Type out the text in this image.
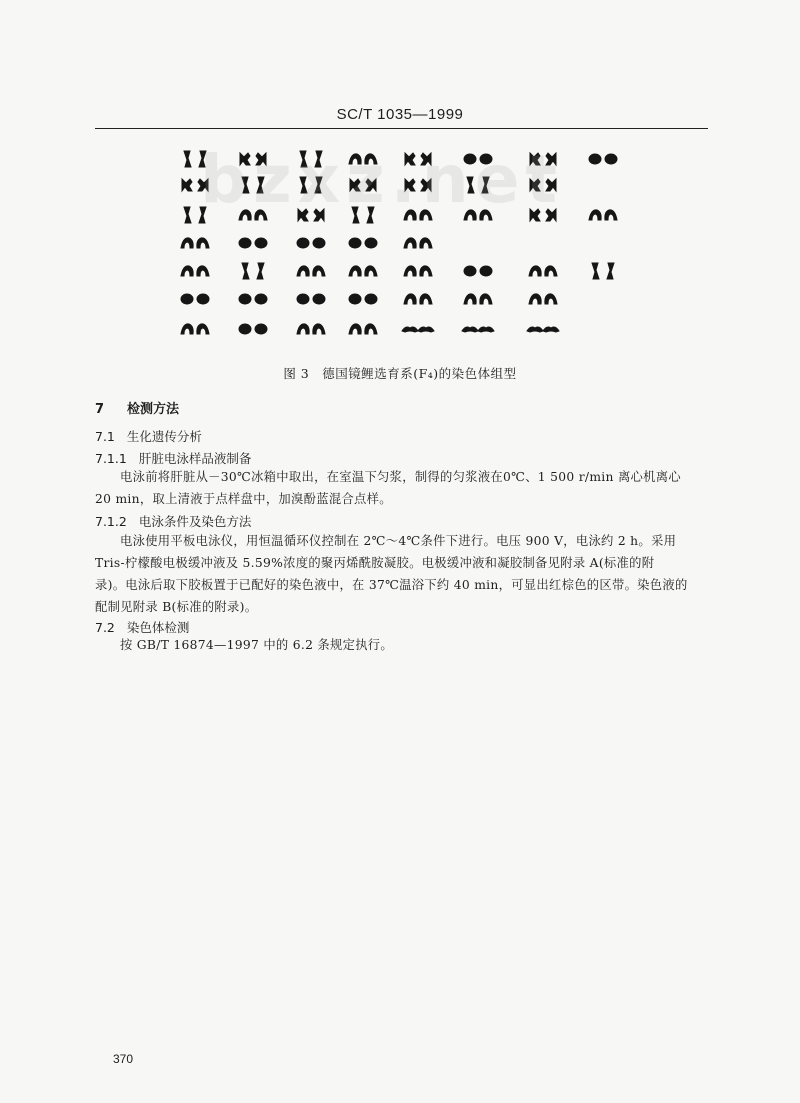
SC/T 1035—1999
bzxz.net
图 3　德国镜鲤选育系(F₄)的染色体组型
7 检测方法
7.1 生化遗传分析
7.1.1 肝脏电泳样品液制备

电泳前将肝脏从－30℃冰箱中取出，在室温下匀浆，制得的匀浆液在0℃、1 500 r/min 离心机离心

20 min，取上清液于点样盘中，加溴酚蓝混合点样。

7.1.2 电泳条件及染色方法

电泳使用平板电泳仪，用恒温循环仪控制在 2℃～4℃条件下进行。电压 900 V，电泳约 2 h。采用

Tris-柠檬酸电极缓冲液及 5.59%浓度的聚丙烯酰胺凝胶。电极缓冲液和凝胶制备见附录 A(标准的附

录)。电泳后取下胶板置于已配好的染色液中，在 37℃温浴下约 40 min，可显出红棕色的区带。染色液的

配制见附录 B(标准的附录)。

7.2 染色体检测

按 GB/T 16874—1997 中的 6.2 条规定执行。

370
